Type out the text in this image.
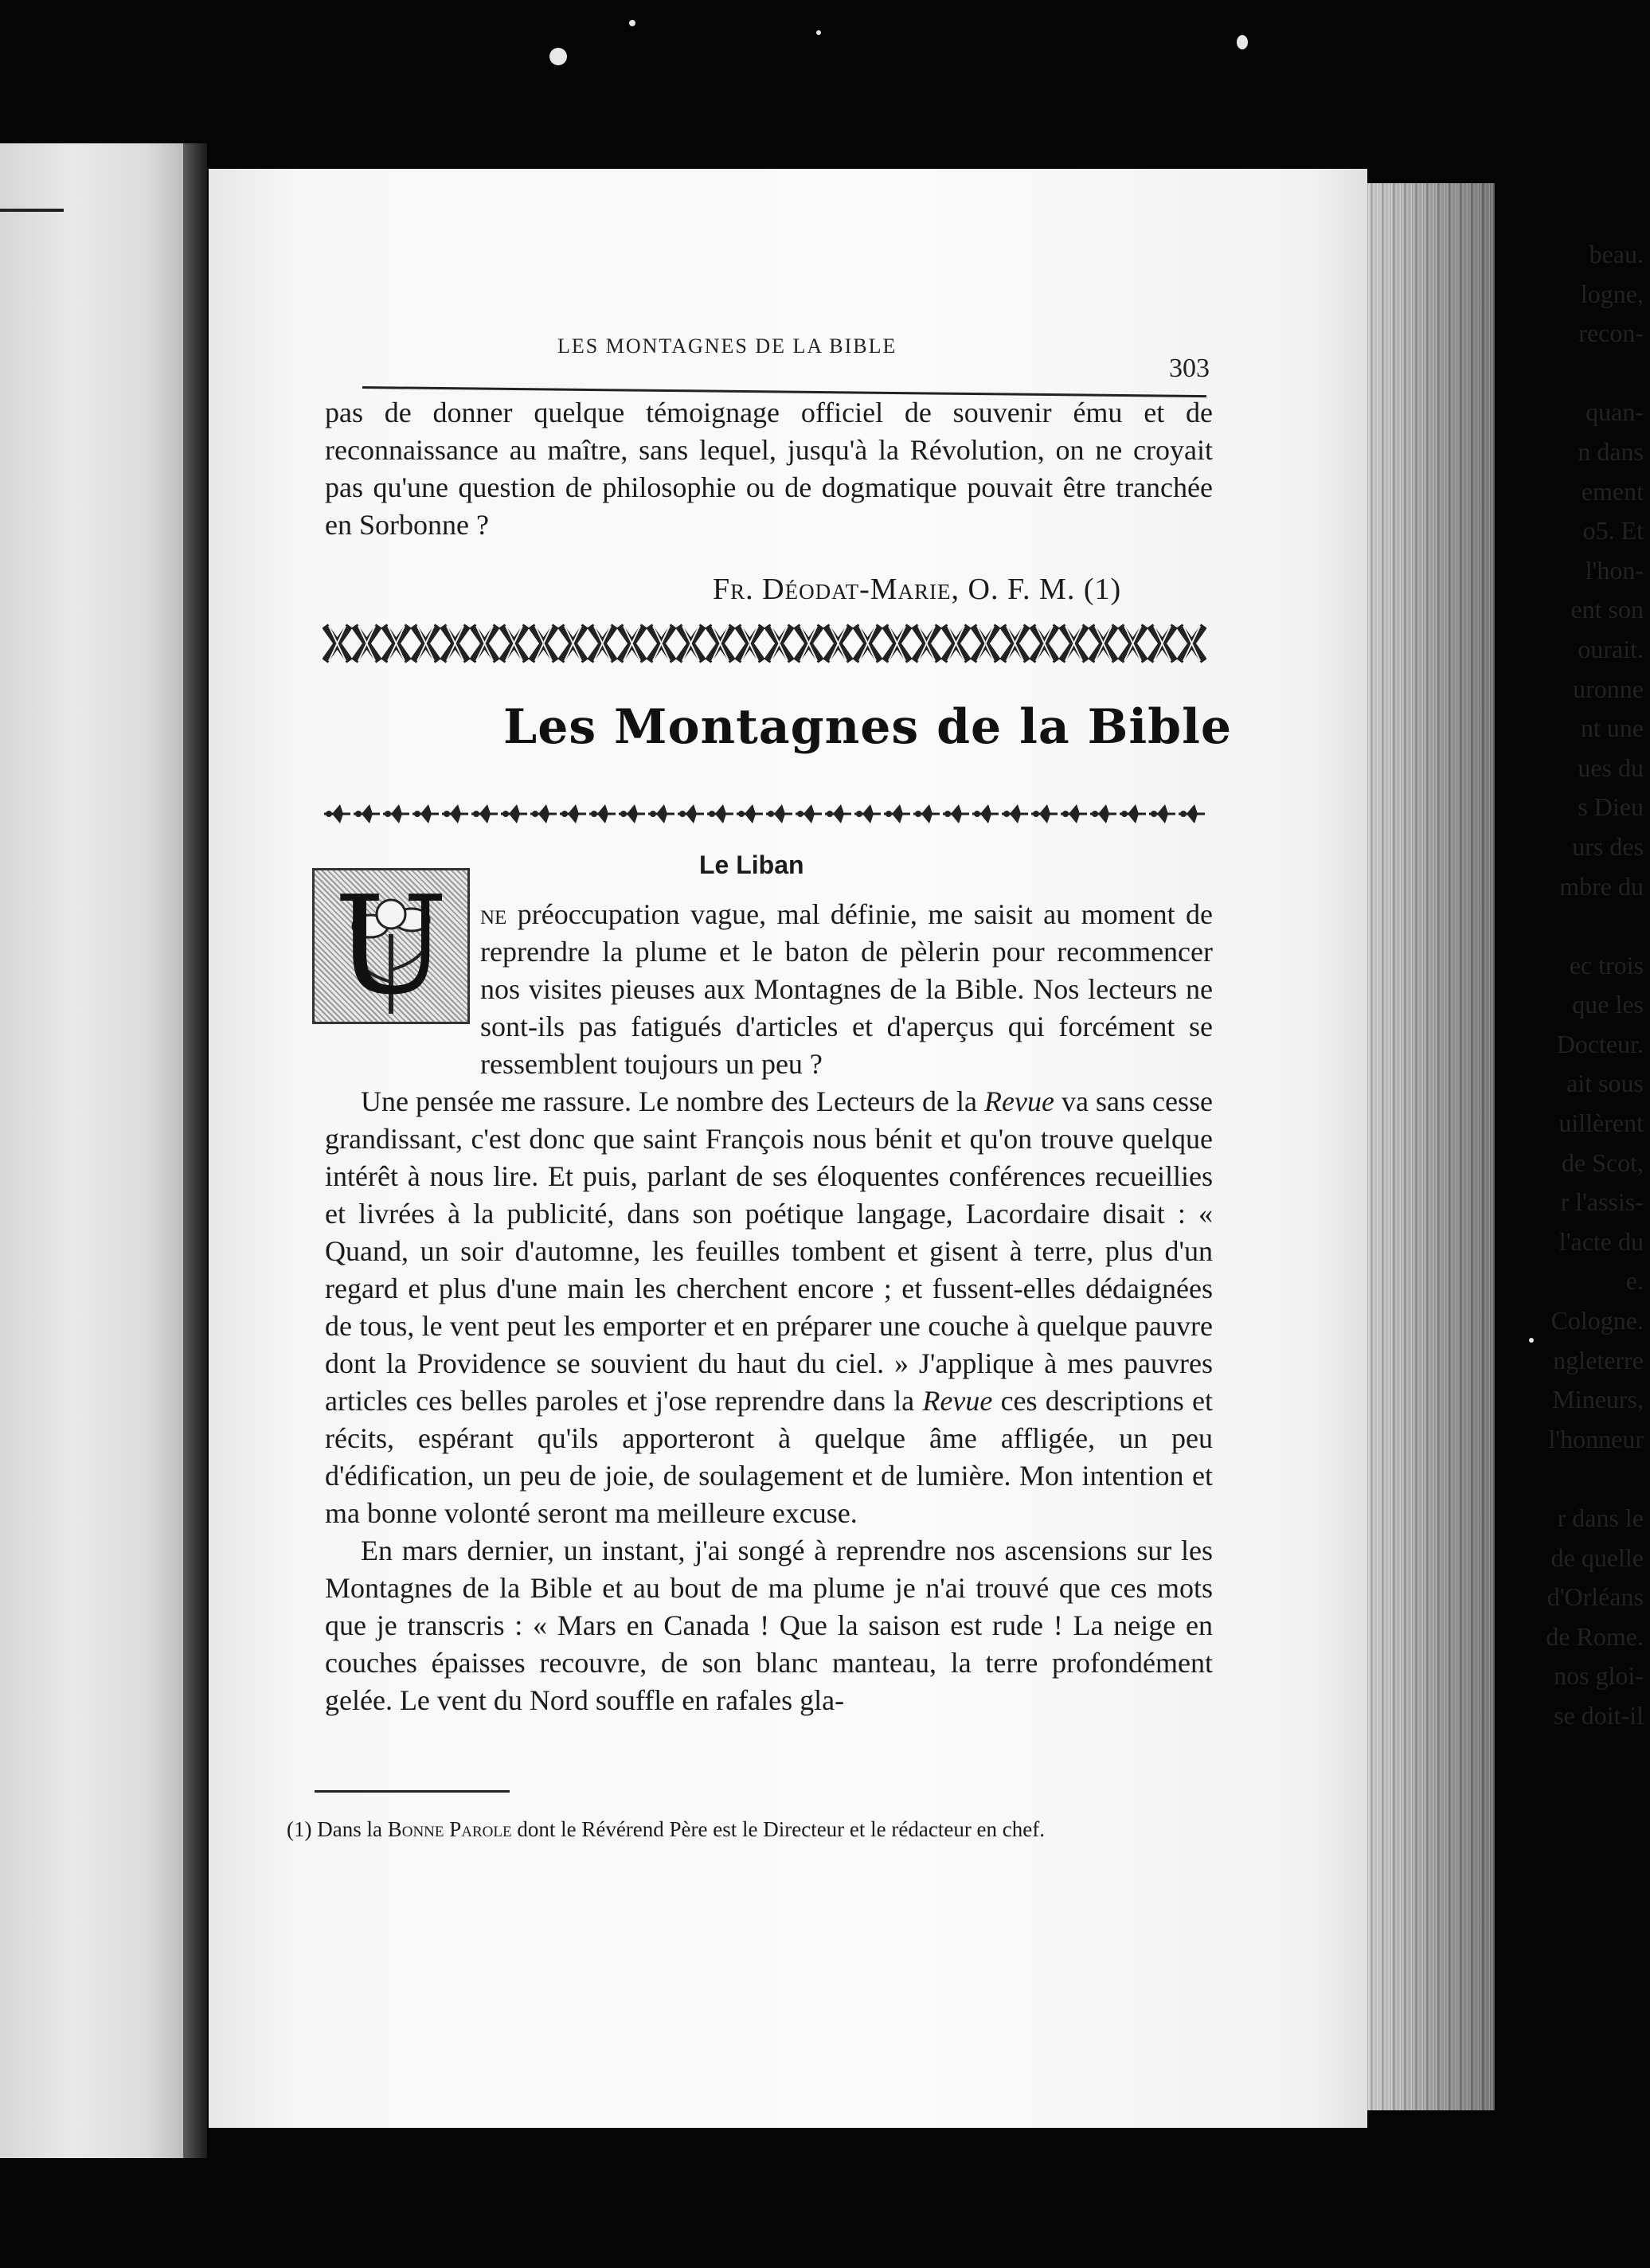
beau.
logne,
recon-
quan-
n dans
ement
o5. Et
l'hon-
ent son
ourait.
uronne
nt une
ues du
s Dieu
urs des
mbre du
ec trois
que les
Docteur.
ait sous
uillèrent
de Scot,
r l'assis-
l'acte du
e.
Cologne.
ngleterre
Mineurs,
l'honneur
r dans le
de quelle
d'Orléans
de Rome.
nos gloi-
se doit-il
LES MONTAGNES DE LA BIBLE
303
pas de donner quelque témoignage officiel de souvenir ému et de reconnaissance au maître, sans lequel, jusqu'à la Révolution, on ne croyait pas qu'une question de philosophie ou de dogmatique pouvait être tranchée en Sorbonne ?
Fr. Déodat-Marie, O. F. M. (1)
Les Montagnes de la Bible
Le Liban
U	ne préoccupation vague, mal définie, me saisit au moment de reprendre la plume et le baton de pèlerin pour recommencer nos visites pieuses aux Montagnes de la Bible. Nos lecteurs ne sont-ils pas fatigués d'articles et d'aperçus qui forcément se ressemblent toujours un peu ?

Une pensée me rassure. Le nombre des Lecteurs de la Revue va sans cesse grandissant, c'est donc que saint François nous bénit et qu'on trouve quelque intérêt à nous lire. Et puis, parlant de ses éloquentes conférences recueillies et livrées à la publicité, dans son poétique langage, Lacordaire disait : « Quand, un soir d'automne, les feuilles tombent et gisent à terre, plus d'un regard et plus d'une main les cherchent encore ; et fussent-elles dédaignées de tous, le vent peut les emporter et en préparer une couche à quelque pauvre dont la Providence se souvient du haut du ciel. » J'applique à mes pauvres articles ces belles paroles et j'ose reprendre dans la Revue ces descriptions et récits, espérant qu'ils apporteront à quelque âme affligée, un peu d'édification, un peu de joie, de soulagement et de lumière. Mon intention et ma bonne volonté seront ma meilleure excuse.

En mars dernier, un instant, j'ai songé à reprendre nos ascensions sur les Montagnes de la Bible et au bout de ma plume je n'ai trouvé que ces mots que je transcris : « Mars en Canada ! Que la saison est rude ! La neige en couches épaisses recouvre, de son blanc manteau, la terre profondément gelée. Le vent du Nord souffle en rafales gla-

(1) Dans la Bonne Parole dont le Révérend Père est le Directeur et le rédacteur en chef.
